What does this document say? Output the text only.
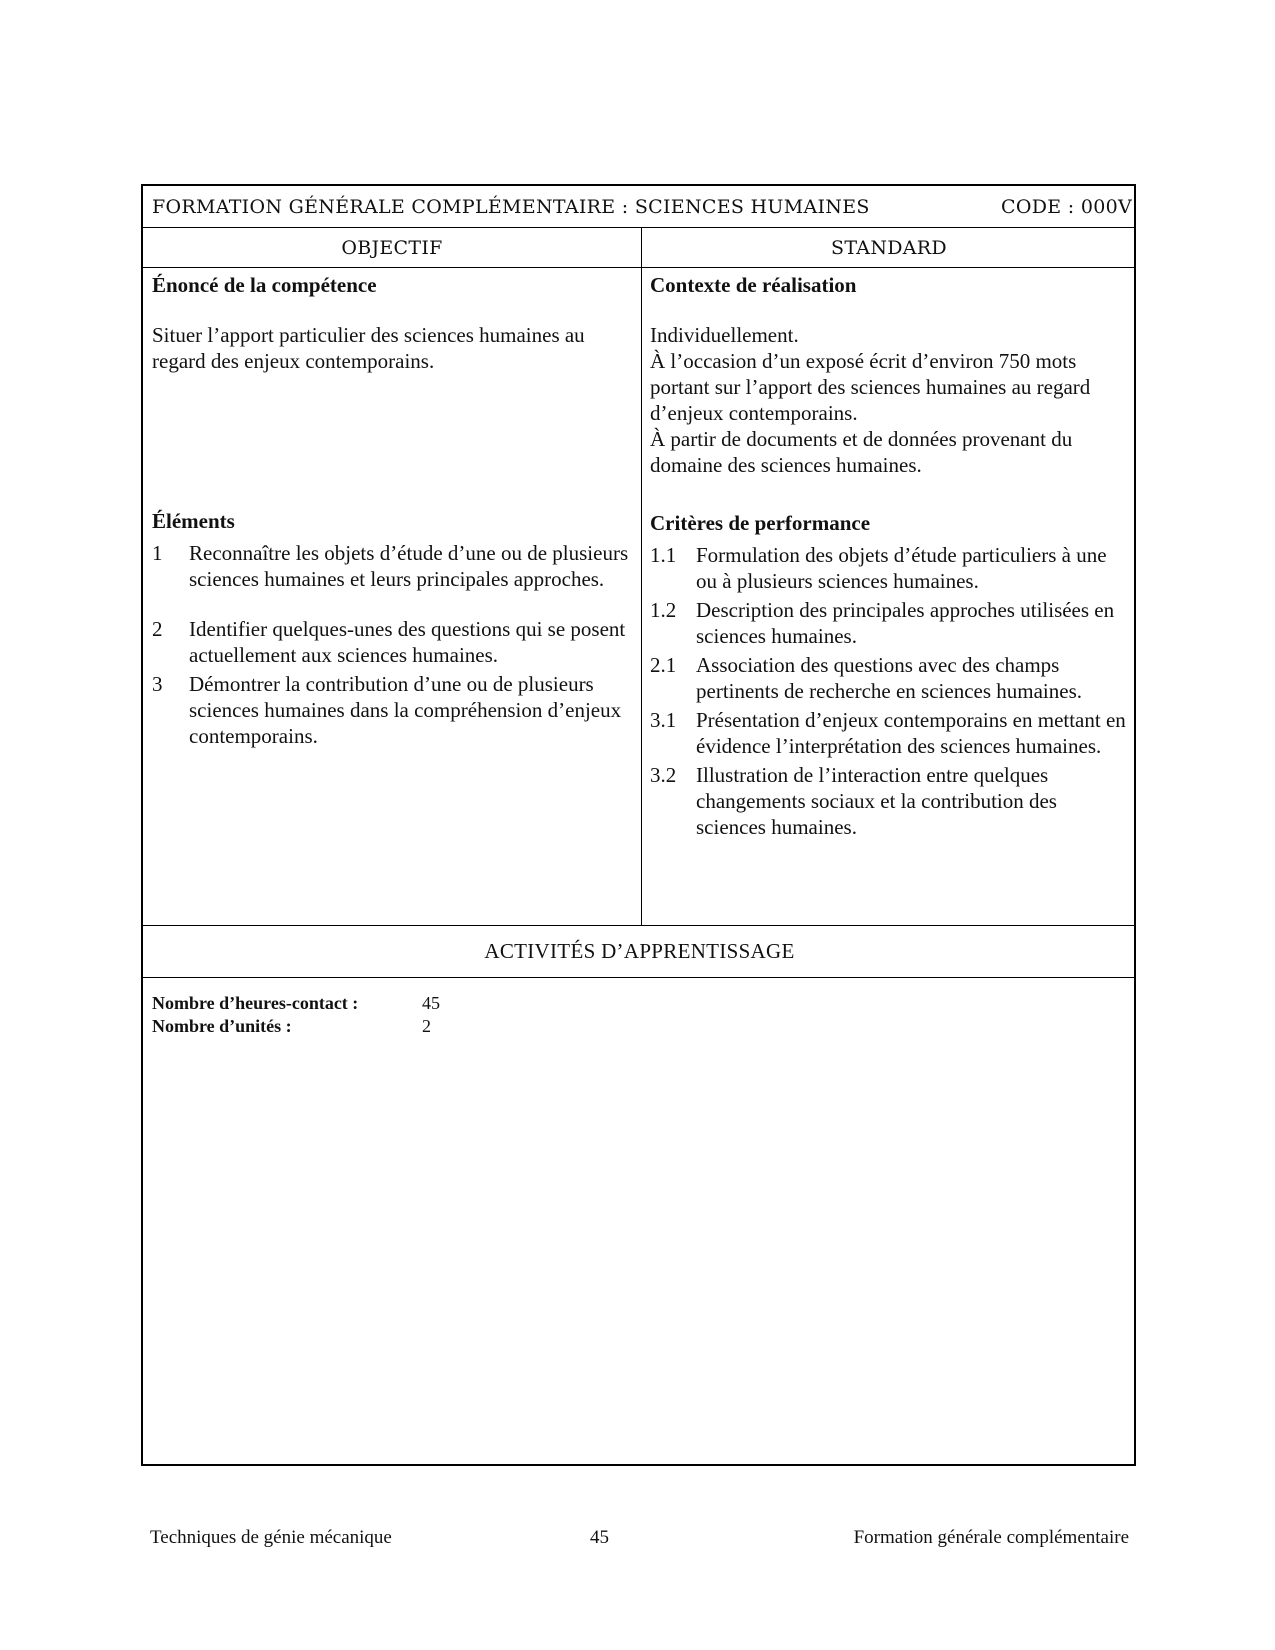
FORMATION GÉNÉRALE COMPLÉMENTAIRE : SCIENCES HUMAINES	CODE : 000V
OBJECTIF	STANDARD
Énoncé de la compétence
Situer l’apport particulier des sciences humaines au regard des enjeux contemporains.
Éléments
1	Reconnaître les objets d’étude d’une ou de plusieurs sciences humaines et leurs principales approches.
2	Identifier quelques-unes des questions qui se posent actuellement aux sciences humaines.
3	Démontrer la contribution d’une ou de plusieurs sciences humaines dans la compréhension d’enjeux contemporains.
Contexte de réalisation
Individuellement.
À l’occasion d’un exposé écrit d’environ 750 mots portant sur l’apport des sciences humaines au regard d’enjeux contemporains.
À partir de documents et de données provenant du domaine des sciences humaines.
Critères de performance
1.1 Formulation des objets d’étude particuliers à une ou à plusieurs sciences humaines.
1.2 Description des principales approches utilisées en sciences humaines.
2.1 Association des questions avec des champs pertinents de recherche en sciences humaines.
3.1 Présentation d’enjeux contemporains en mettant en évidence l’interprétation des sciences humaines.
3.2 Illustration de l’interaction entre quelques changements sociaux et la contribution des sciences humaines.
ACTIVITÉS D’APPRENTISSAGE
Nombre d’heures-contact :	45
Nombre d’unités :	2
Techniques de génie mécanique	45	Formation générale complémentaire
